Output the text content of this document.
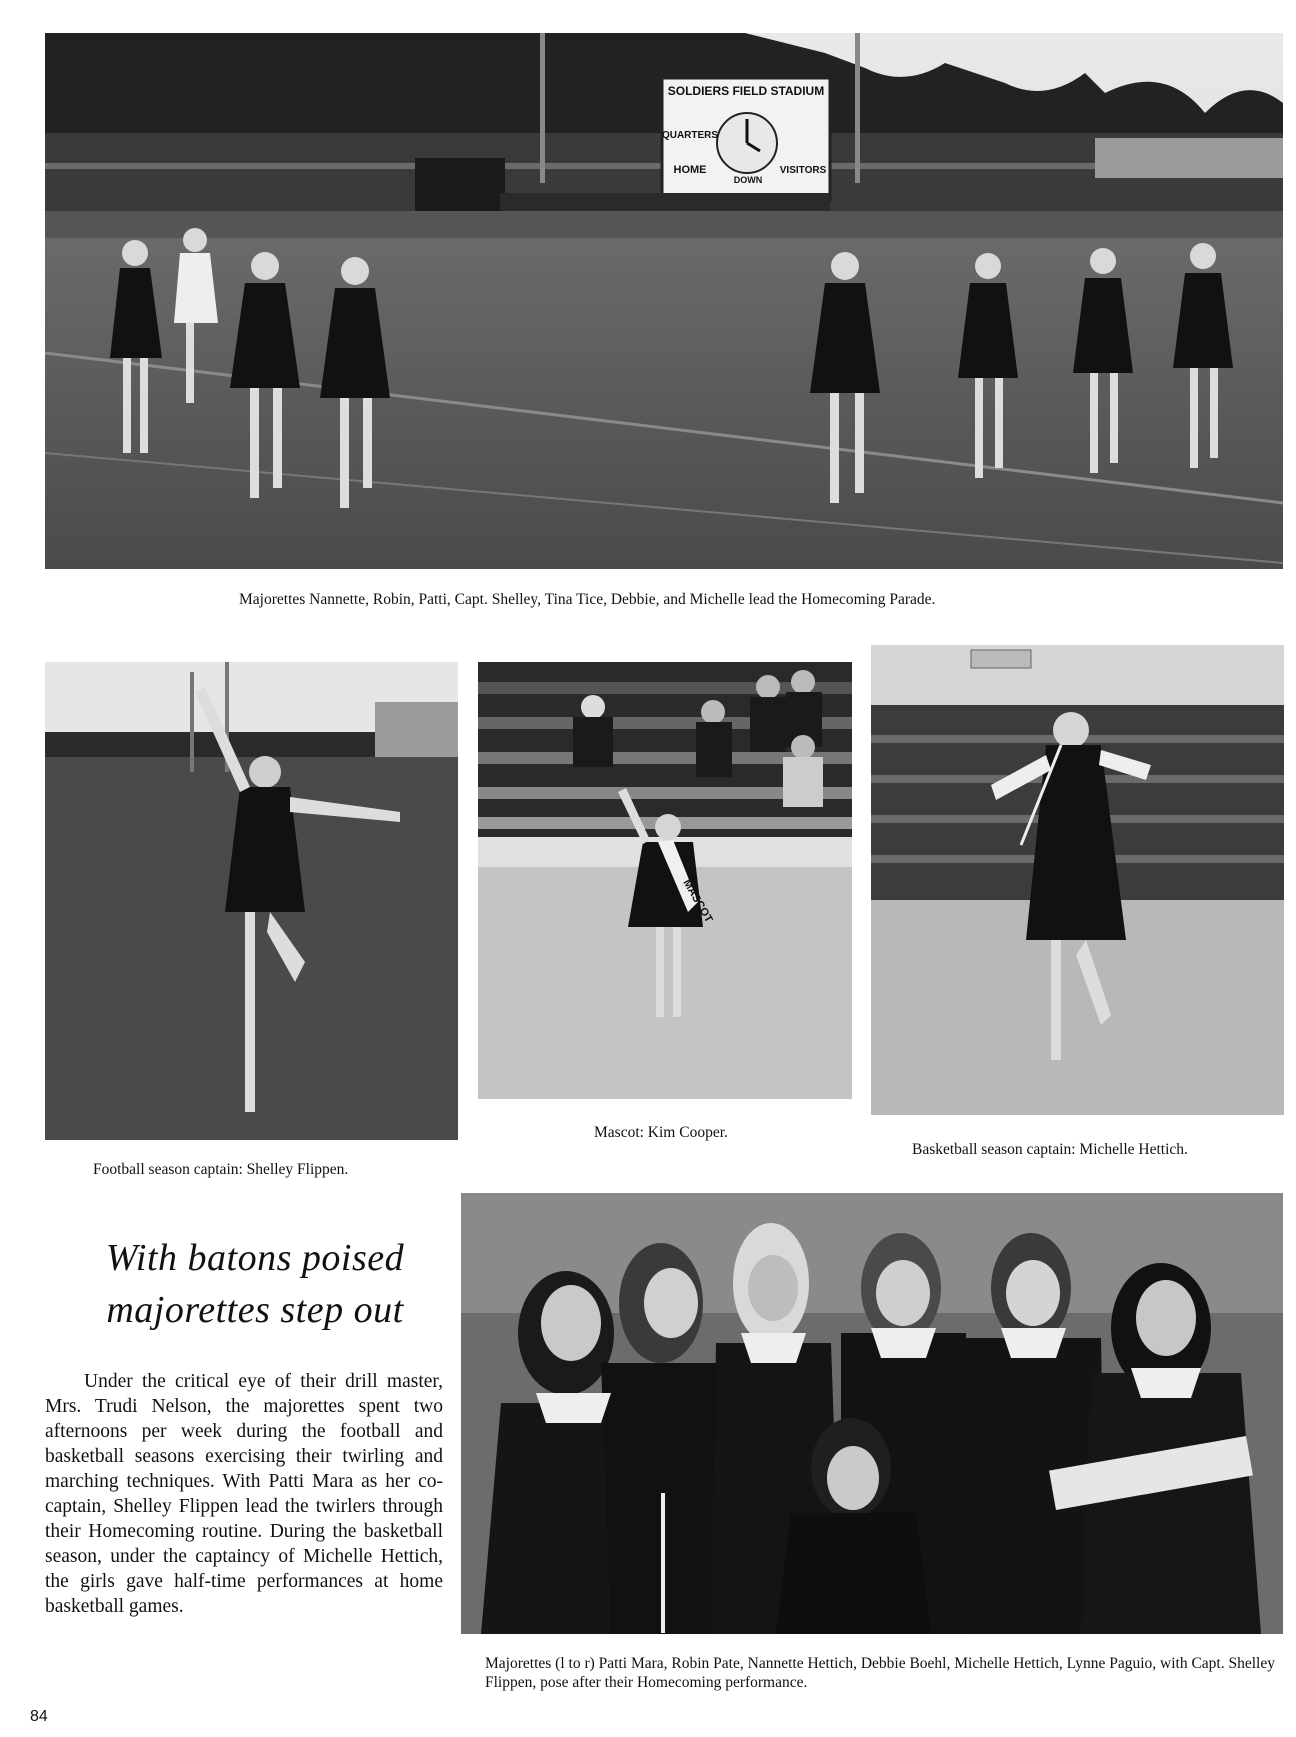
SOLDIERS FIELD STADIUM
QUARTERS
HOME	VISITORS
DOWN
Majorettes Nannette, Robin, Patti, Capt. Shelley, Tina Tice, Debbie, and Michelle lead the Homecoming Parade.
Football season captain: Shelley Flippen.
MASCOT
Mascot: Kim Cooper.
Basketball season captain: Michelle Hettich.
With batons poised majorettes step out
Under the critical eye of their drill master, Mrs. Trudi Nelson, the majorettes spent two afternoons per week during the football and basketball seasons exercising their twirling and marching techniques. With Patti Mara as her co-captain, Shelley Flippen lead the twirlers through their Homecoming routine. During the basketball season, under the captaincy of Michelle Hettich, the girls gave half-time performances at home basketball games.
Majorettes (l to r) Patti Mara, Robin Pate, Nannette Hettich, Debbie Boehl, Michelle Hettich, Lynne Paguio, with Capt. Shelley Flippen, pose after their Homecoming performance.
84
